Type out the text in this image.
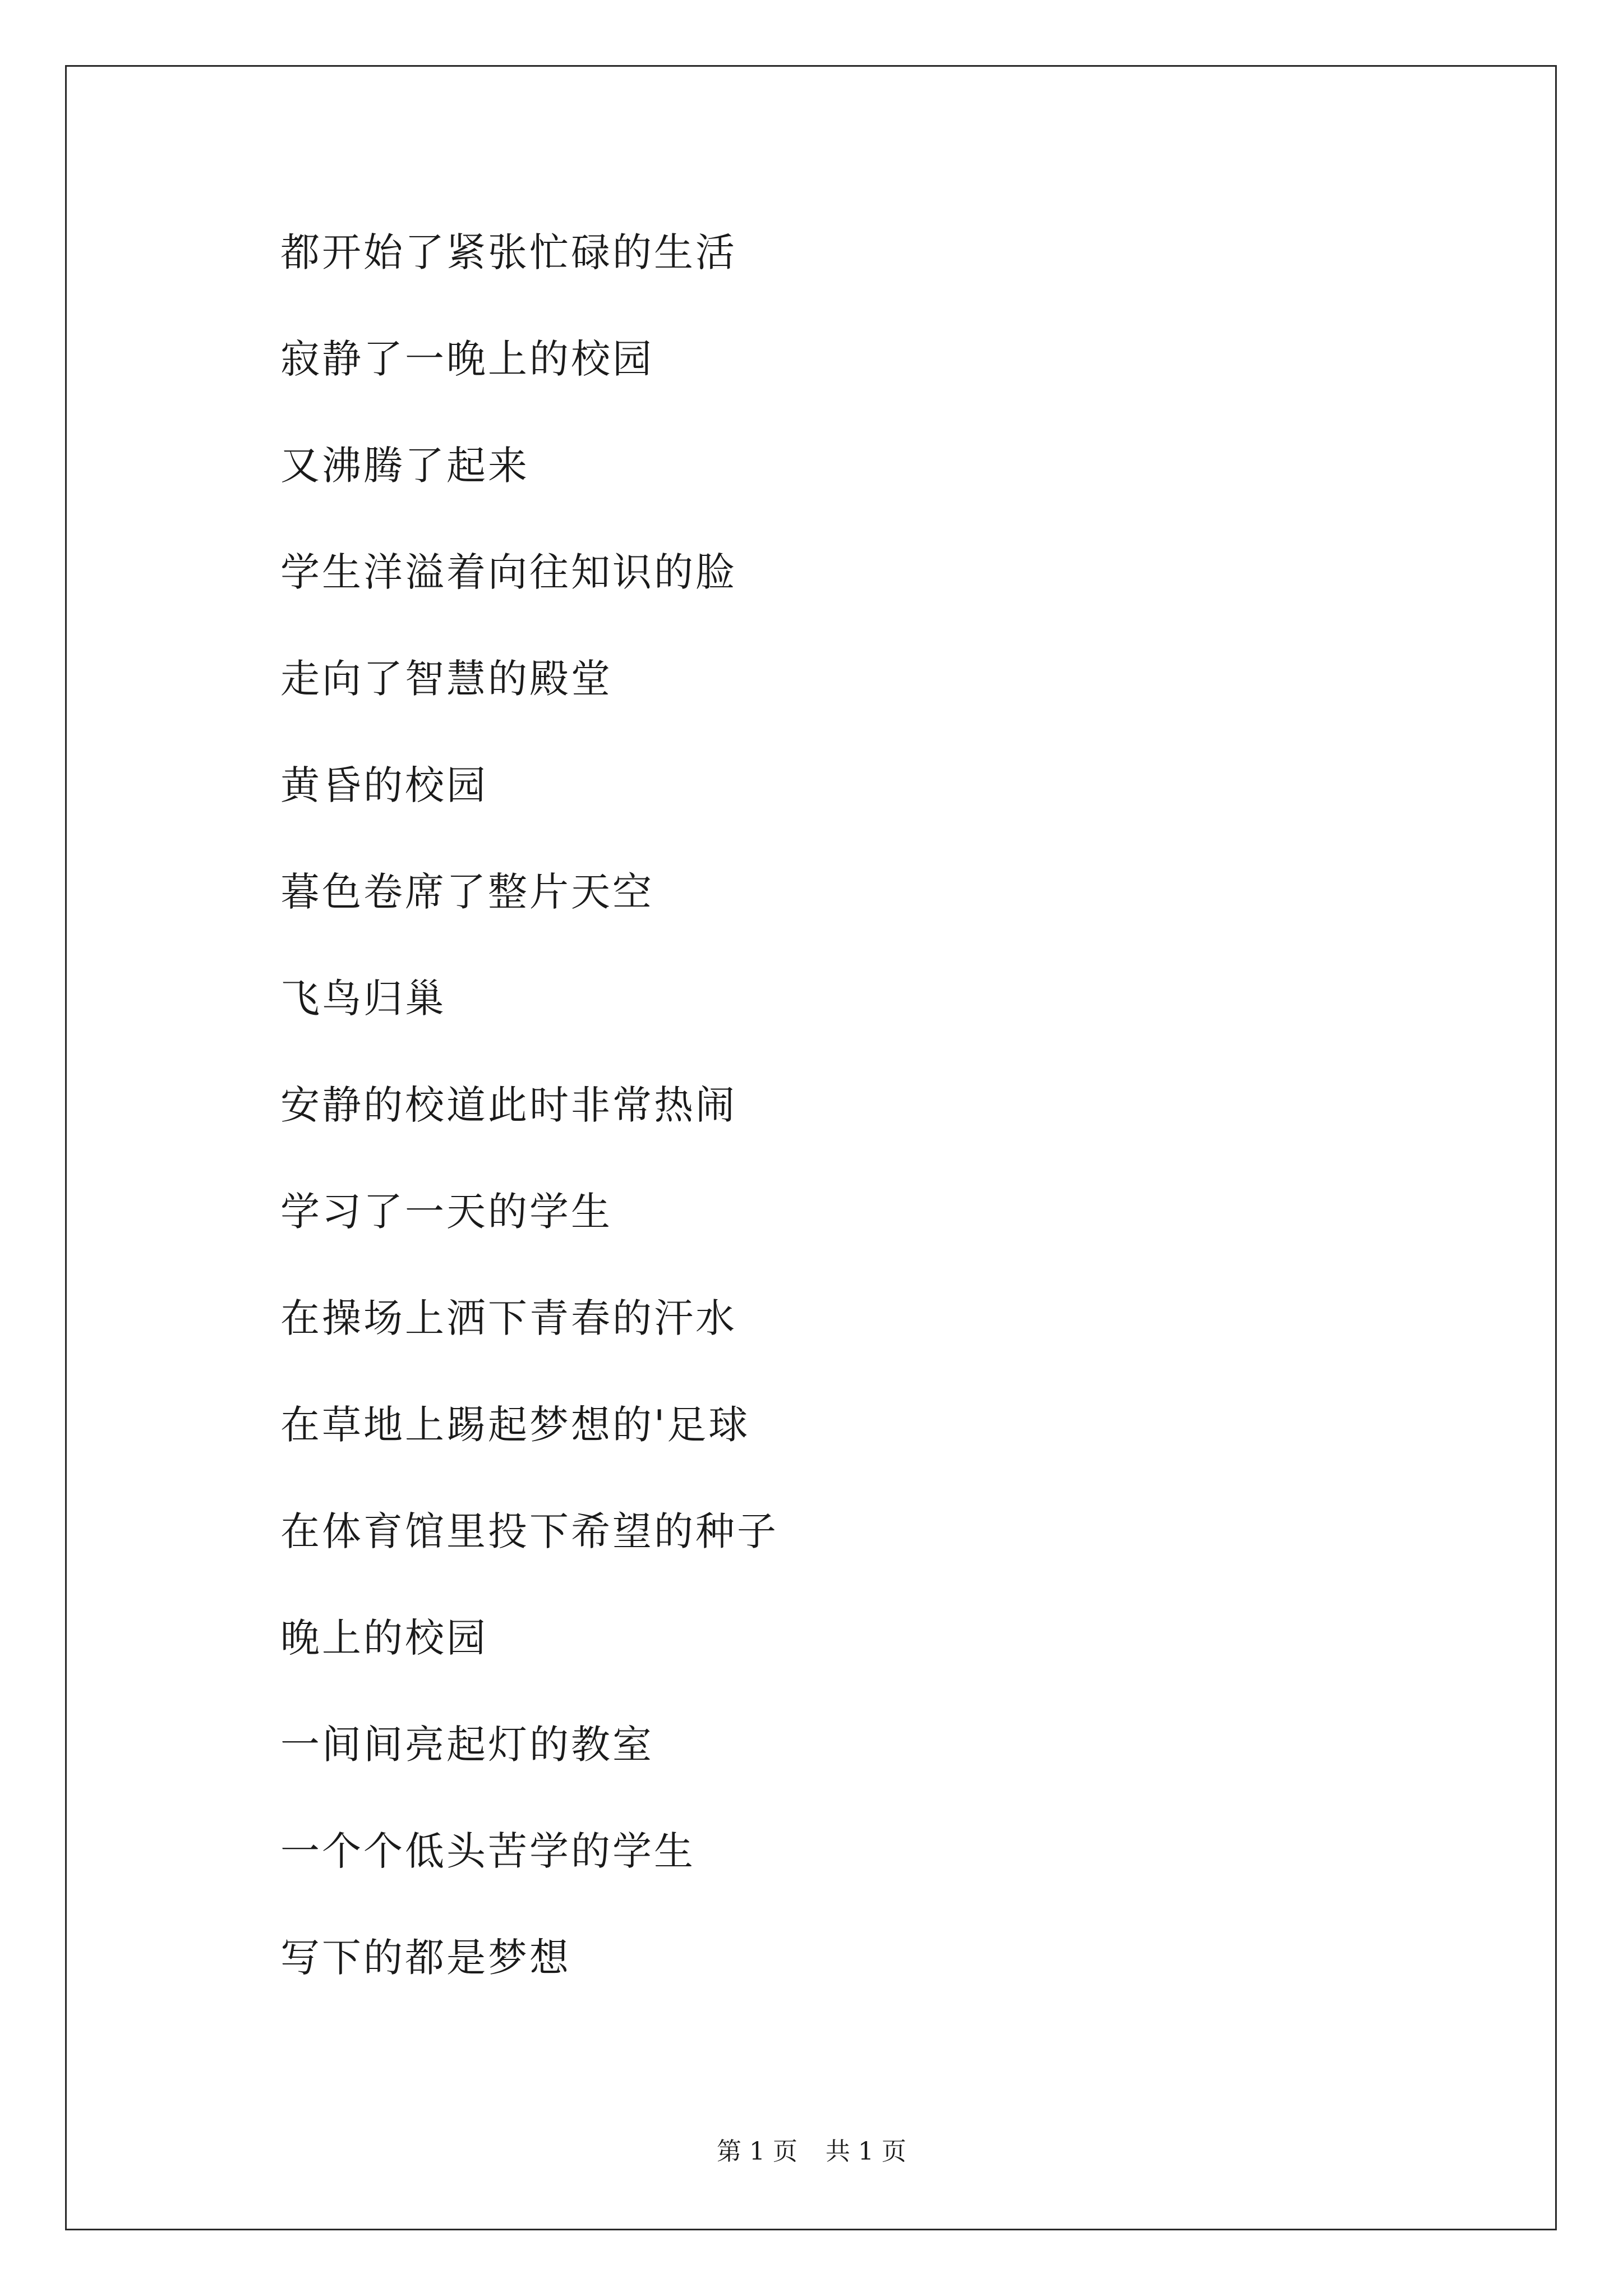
都开始了紧张忙碌的生活
寂静了一晚上的校园
又沸腾了起来
学生洋溢着向往知识的脸
走向了智慧的殿堂
黄昏的校园
暮色卷席了整片天空
飞鸟归巢
安静的校道此时非常热闹
学习了一天的学生
在操场上洒下青春的汗水
在草地上踢起梦想的'足球
在体育馆里投下希望的种子
晚上的校园
一间间亮起灯的教室
一个个低头苦学的学生
写下的都是梦想
第 1 页 共 1 页
